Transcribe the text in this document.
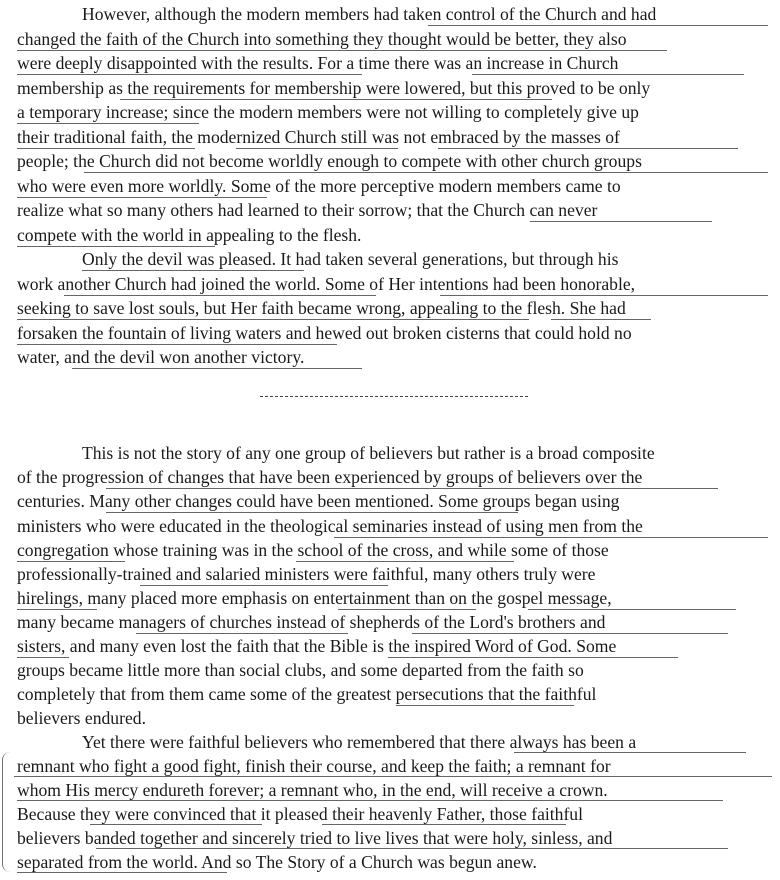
However, although the modern members had taken control of the Church and had
changed the faith of the Church into something they thought would be better, they also
were deeply disappointed with the results. For a time there was an increase in Church
membership as the requirements for membership were lowered, but this proved to be only
a temporary increase; since the modern members were not willing to completely give up
their traditional faith, the modernized Church still was not embraced by the masses of
people; the Church did not become worldly enough to compete with other church groups
who were even more worldly. Some of the more perceptive modern members came to
realize what so many others had learned to their sorrow; that the Church can never
compete with the world in appealing to the flesh.
Only the devil was pleased. It had taken several generations, but through his
work another Church had joined the world. Some of Her intentions had been honorable,
seeking to save lost souls, but Her faith became wrong, appealing to the flesh. She had
forsaken the fountain of living waters and hewed out broken cisterns that could hold no
water, and the devil won another victory.
This is not the story of any one group of believers but rather is a broad composite
of the progression of changes that have been experienced by groups of believers over the
centuries. Many other changes could have been mentioned. Some groups began using
ministers who were educated in the theological seminaries instead of using men from the
congregation whose training was in the school of the cross, and while some of those
professionally-trained and salaried ministers were faithful, many others truly were
hirelings, many placed more emphasis on entertainment than on the gospel message,
many became managers of churches instead of shepherds of the Lord's brothers and
sisters, and many even lost the faith that the Bible is the inspired Word of God. Some
groups became little more than social clubs, and some departed from the faith so
completely that from them came some of the greatest persecutions that the faithful
believers endured.
Yet there were faithful believers who remembered that there always has been a
remnant who fight a good fight, finish their course, and keep the faith; a remnant for
whom His mercy endureth forever; a remnant who, in the end, will receive a crown.
Because they were convinced that it pleased their heavenly Father, those faithful
believers banded together and sincerely tried to live lives that were holy, sinless, and
separated from the world. And so The Story of a Church was begun anew.
